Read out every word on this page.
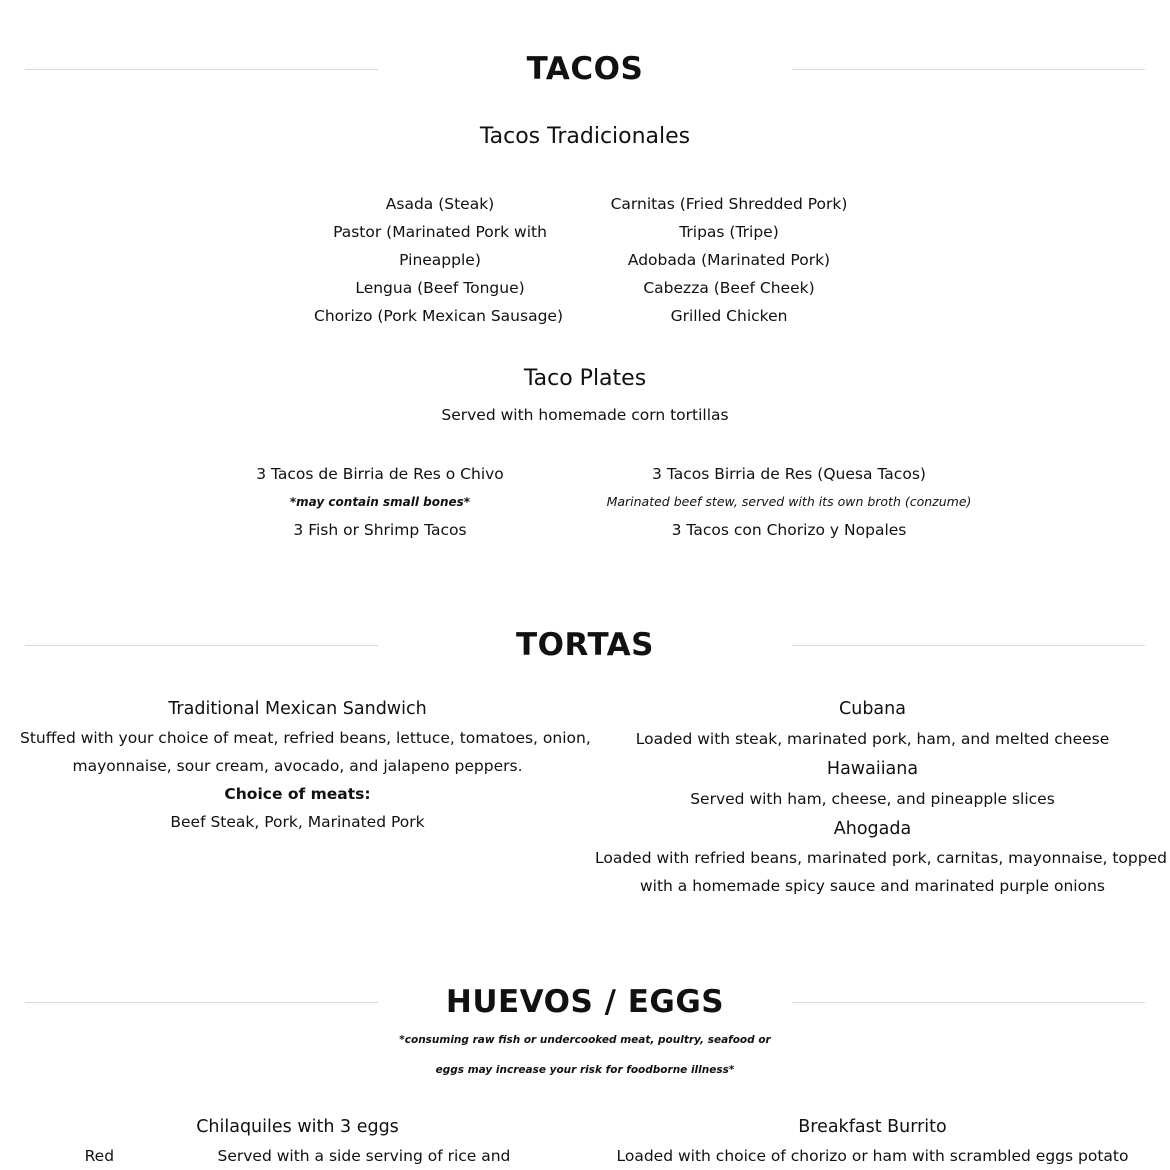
TACOS
Tacos Tradicionales
Asada (Steak)
Pastor (Marinated Pork with
Pineapple)
Lengua (Beef Tongue)
Chorizo (Pork Mexican Sausage)
Carnitas (Fried Shredded Pork)
Tripas (Tripe)
Adobada (Marinated Pork)
Cabezza (Beef Cheek)
Grilled Chicken
Taco Plates
Served with homemade corn tortillas
3 Tacos de Birria de Res o Chivo
*may contain small bones*
3 Fish or Shrimp Tacos
3 Tacos Birria de Res (Quesa Tacos)
Marinated beef stew, served with its own broth (conzume)
3 Tacos con Chorizo y Nopales
TORTAS
Traditional Mexican Sandwich
Stuffed with your choice of meat, refried beans, lettuce, tomatoes, onion,
mayonnaise, sour cream, avocado, and jalapeno peppers.
Choice of meats:
Beef Steak, Pork, Marinated Pork
Cubana
Loaded with steak, marinated pork, ham, and melted cheese
Hawaiiana
Served with ham, cheese, and pineapple slices
Ahogada
Loaded with refried beans, marinated pork, carnitas, mayonnaise, topped
with a homemade spicy sauce and marinated purple onions
HUEVOS / EGGS
*consuming raw fish or undercooked meat, poultry, seafood or
eggs may increase your risk for foodborne illness*
Chilaquiles with 3 eggs
Red                     Served with a side serving of rice and
Breakfast Burrito
Loaded with choice of chorizo or ham with scrambled eggs potato
